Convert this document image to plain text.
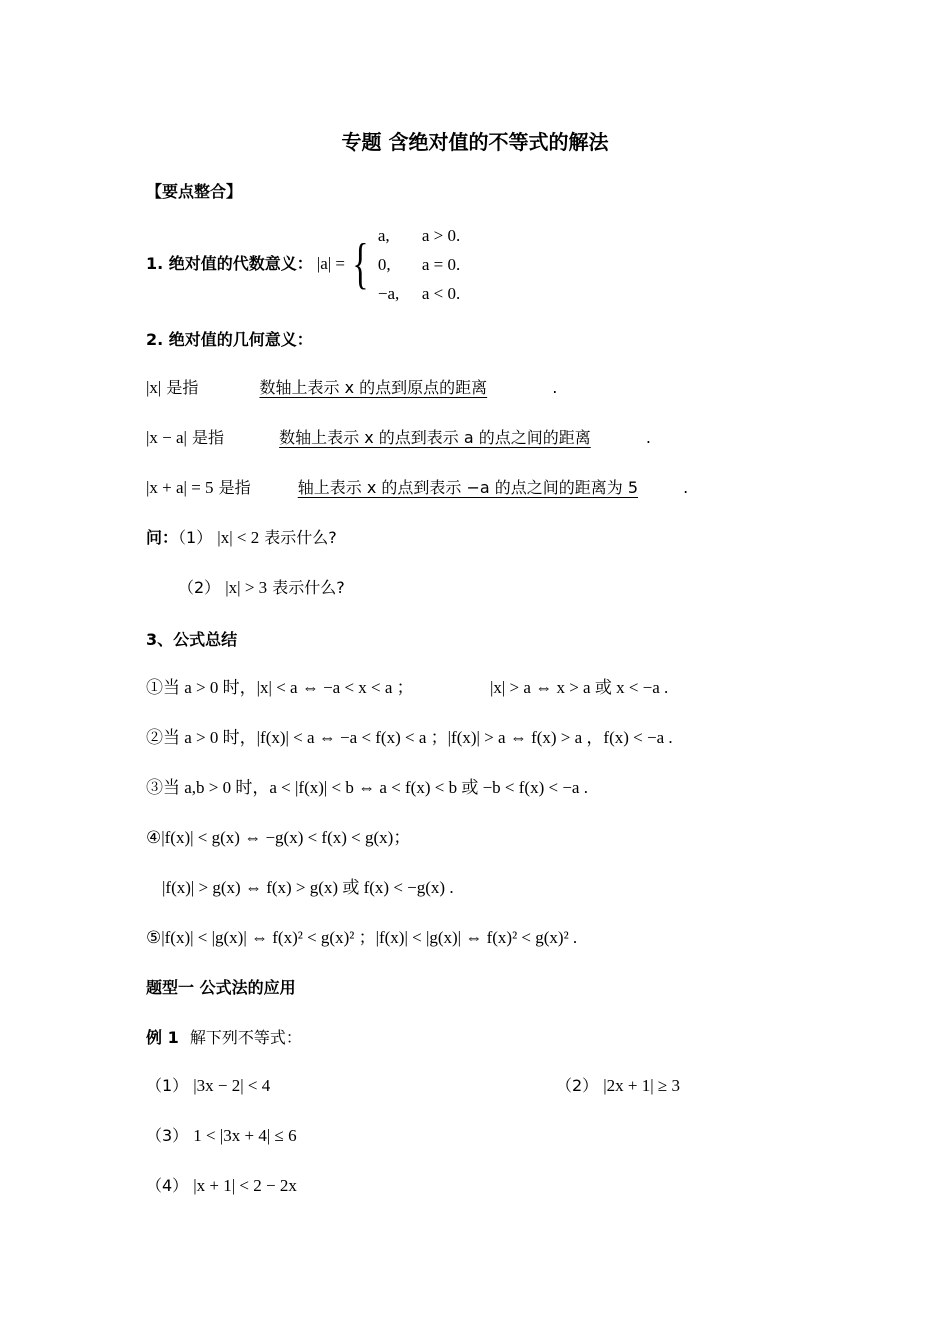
专题 含绝对值的不等式的解法
【要点整合】
1. 绝对值的代数意义： |a| = { a,	a > 0.
0,	a = 0.
−a,	a < 0.
2. 绝对值的几何意义：
|x| 是指	数轴上表示 x 的点到原点的距离	.
|x − a| 是指	数轴上表示 x 的点到表示 a 的点之间的距离	.
|x + a| = 5 是指	轴上表示 x 的点到表示 −a 的点之间的距离为 5	.
问：（1） |x| < 2 表示什么?
（2） |x| > 3 表示什么?
3、公式总结
①当 a > 0 时，|x| < a ⇔ −a < x < a ；	|x| > a ⇔ x > a 或 x < −a .
②当 a > 0 时，|f(x)| < a ⇔ −a < f(x) < a ；|f(x)| > a ⇔ f(x) > a ，f(x) < −a .
③当 a,b > 0 时，a < |f(x)| < b ⇔ a < f(x) < b 或 −b < f(x) < −a .
④|f(x)| < g(x) ⇔ −g(x) < f(x) < g(x)；
|f(x)| > g(x) ⇔ f(x) > g(x) 或 f(x) < −g(x) .
⑤|f(x)| < |g(x)| ⇔ f(x)² < g(x)² ；|f(x)| < |g(x)| ⇔ f(x)² < g(x)² .
题型一 公式法的应用
例 1 解下列不等式：
（1） |3x − 2| < 4	（2） |2x + 1| ≥ 3
（3） 1 < |3x + 4| ≤ 6
（4） |x + 1| < 2 − 2x
